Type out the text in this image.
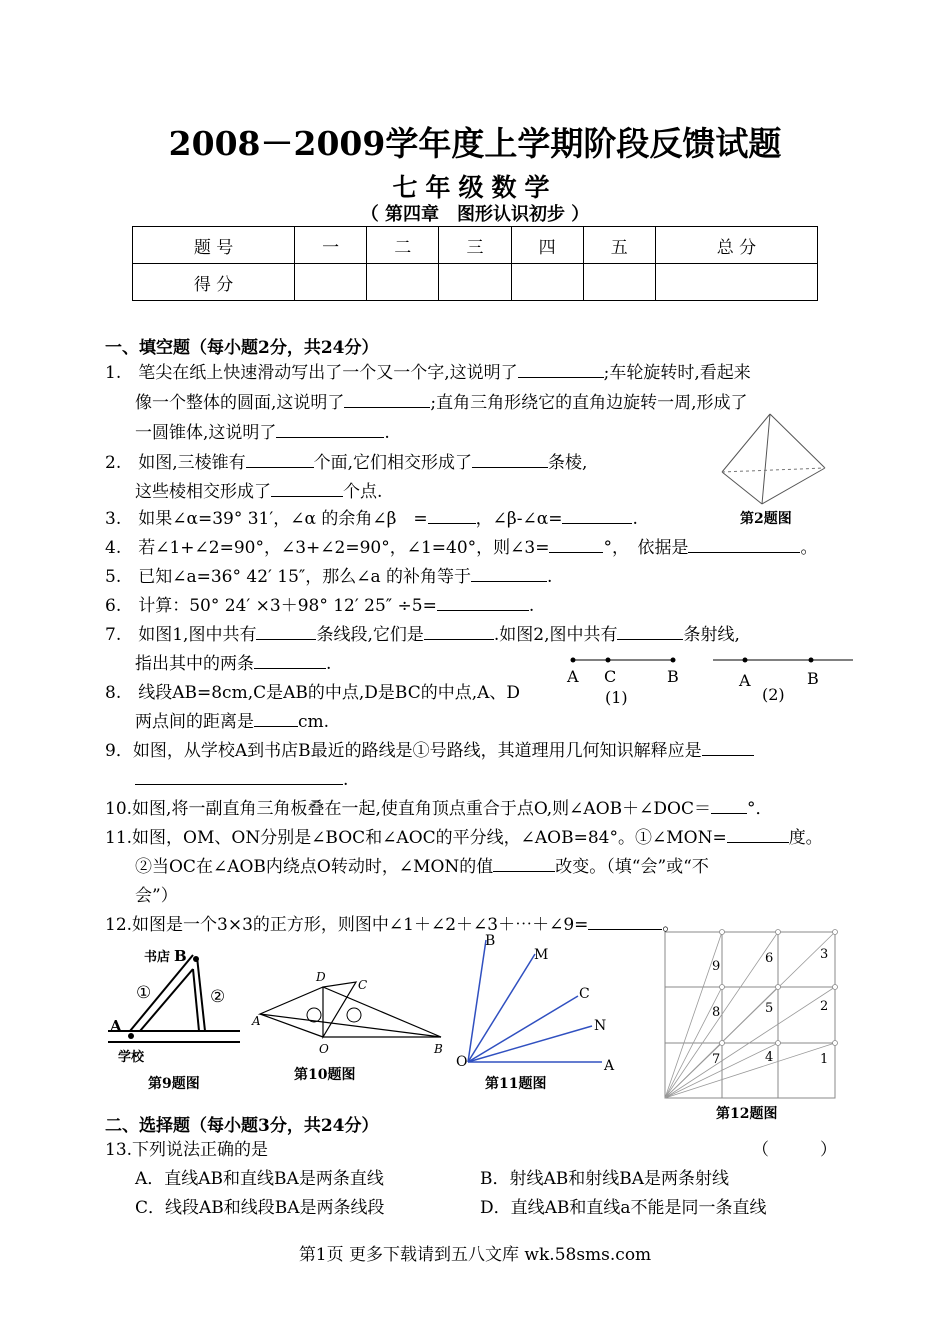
2008－2009学年度上学期阶段反馈试题
七年级数学
（ 第四章　图形认识初步 ）
题 号	一	二	三	四	五	总 分
得 分						
一、填空题（每小题2分，共24分）
1.　笔尖在纸上快速滑动写出了一个又一个字,这说明了	;车轮旋转时,看起来
像一个整体的圆面,这说明了	;直角三角形绕它的直角边旋转一周,形成了
一圆锥体,这说明了	.
2.　如图,三棱锥有	个面,它们相交形成了	条棱,
这些棱相交形成了	个点.
第2题图
3.　如果∠α=39° 31′，∠α 的余角∠β　=	，∠β-∠α=	.
4.　若∠1+∠2=90°，∠3+∠2=90°，∠1=40°，则∠3=	°，　依据是	。
5.　已知∠a=36° 42′ 15″，那么∠a 的补角等于	.
6.　计算：50° 24′ ×3＋98° 12′ 25″ ÷5=	.
7.　如图1,图中共有	条线段,它们是	.如图2,图中共有	条射线,
指出其中的两条	.
A C	B
(1)
A	B
(2)
8.　线段AB=8cm,C是AB的中点,D是BC的中点,A、D
两点间的距离是	cm.
9．如图，从学校A到书店B最近的路线是①号路线，其道理用几何知识解释应是
.
10.如图,将一副直角三角板叠在一起,使直角顶点重合于点O,则∠AOB＋∠DOC＝ °．
11.如图，OM、ON分别是∠BOC和∠AOC的平分线，∠AOB=84°。①∠MON=	度。
②当OC在∠AOB内绕点O转动时，∠MON的值	改变。（填“会”或“不
会”）
12.如图是一个3×3的正方形，则图中∠1＋∠2＋∠3＋⋯＋∠9=	。
书店 B
①	②
A
学校
第9题图
D
C
A
O	B
第10题图
B
M
C
N
O	A
第11题图
9
6	3
8	5	2
7	4	1
第12题图
二、选择题（每小题3分，共24分）
13.下列说法正确的是	（　　　）
A．直线AB和直线BA是两条直线	B．射线AB和射线BA是两条射线
C．线段AB和线段BA是两条线段	D．直线AB和直线a不能是同一条直线
第1页 更多下载请到五八文库 wk.58sms.com
